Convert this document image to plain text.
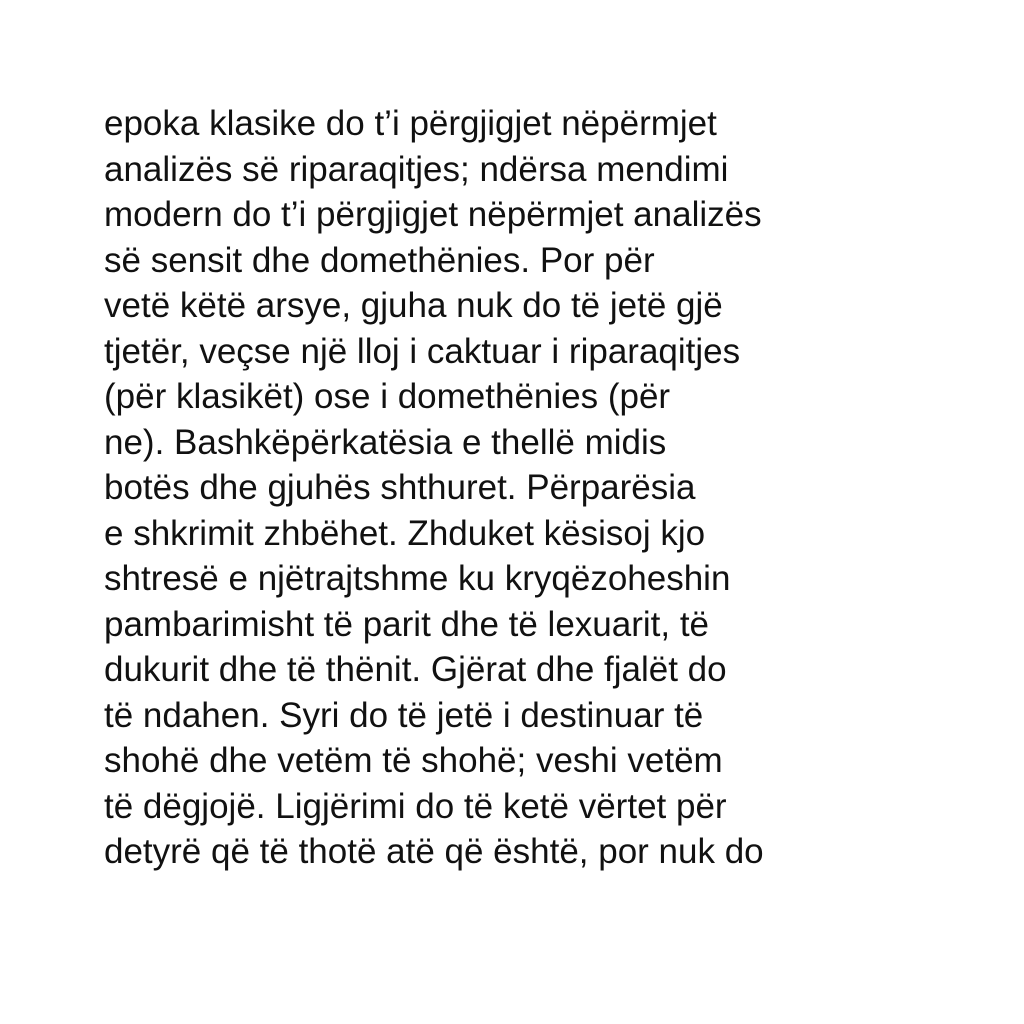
epoka klasike do t’i përgjigjet nëpërmjet
analizës së riparaqitjes; ndërsa mendimi
modern do t’i përgjigjet nëpërmjet analizës
së sensit dhe domethënies. Por për
vetë këtë arsye, gjuha nuk do të jetë gjë
tjetër, veçse një lloj i caktuar i riparaqitjes
(për klasikët) ose i domethënies (për
ne). Bashkëpërkatësia e thellë midis
botës dhe gjuhës shthuret. Përparësia
e shkrimit zhbëhet. Zhduket kësisoj kjo
shtresë e njëtrajtshme ku kryqëzoheshin
pambarimisht të parit dhe të lexuarit, të
dukurit dhe të thënit. Gjërat dhe fjalët do
të ndahen. Syri do të jetë i destinuar të
shohë dhe vetëm të shohë; veshi vetëm
të dëgjojë. Ligjërimi do të ketë vërtet për
detyrë që të thotë atë që është, por nuk do
